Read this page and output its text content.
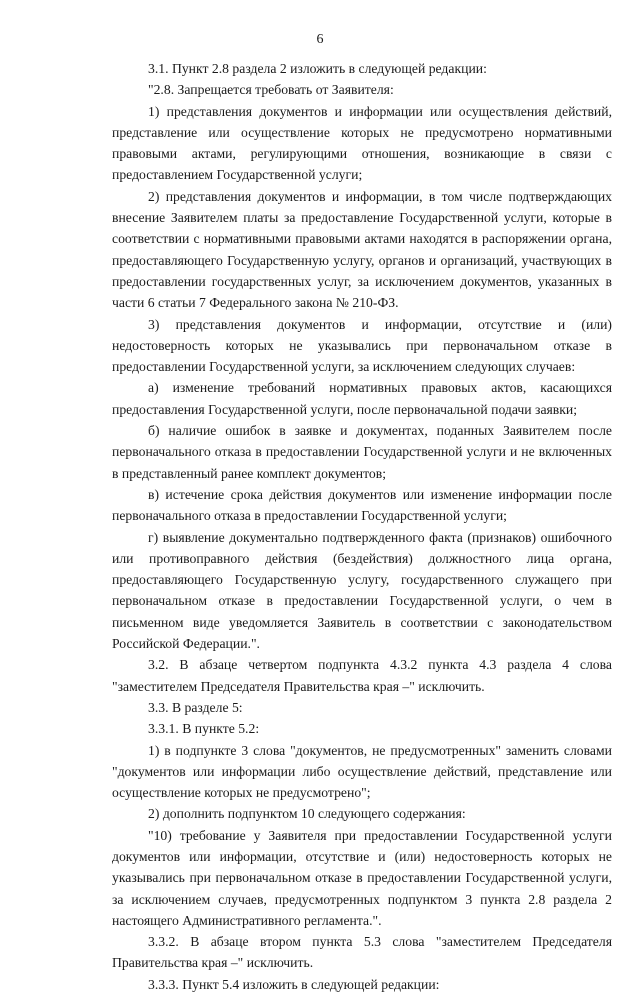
6

3.1. Пункт 2.8 раздела 2 изложить в следующей редакции:

"2.8. Запрещается требовать от Заявителя:

1) представления документов и информации или осуществления действий, представление или осуществление которых не предусмотрено нормативными правовыми актами, регулирующими отношения, возникающие в связи с предоставлением Государственной услуги;

2) представления документов и информации, в том числе подтверждающих внесение Заявителем платы за предоставление Государственной услуги, которые в соответствии с нормативными правовыми актами находятся в распоряжении органа, предоставляющего Государственную услугу, органов и организаций, участвующих в предоставлении государственных услуг, за исключением документов, указанных в части 6 статьи 7 Федерального закона № 210-ФЗ.

3) представления документов и информации, отсутствие и (или) недостоверность которых не указывались при первоначальном отказе в предоставлении Государственной услуги, за исключением следующих случаев:

а) изменение требований нормативных правовых актов, касающихся предоставления Государственной услуги, после первоначальной подачи заявки;

б) наличие ошибок в заявке и документах, поданных Заявителем после первоначального отказа в предоставлении Государственной услуги и не включенных в представленный ранее комплект документов;

в) истечение срока действия документов или изменение информации после первоначального отказа в предоставлении Государственной услуги;

г) выявление документально подтвержденного факта (признаков) ошибочного или противоправного действия (бездействия) должностного лица органа, предоставляющего Государственную услугу, государственного служащего при первоначальном отказе в предоставлении Государственной услуги, о чем в письменном виде уведомляется Заявитель в соответствии с законодательством Российской Федерации.".

3.2. В абзаце четвертом подпункта 4.3.2 пункта 4.3 раздела 4 слова "заместителем Председателя Правительства края –" исключить.

3.3. В разделе 5:

3.3.1. В пункте 5.2:

1) в подпункте 3 слова "документов, не предусмотренных" заменить словами "документов или информации либо осуществление действий, представление или осуществление которых не предусмотрено";

2) дополнить подпунктом 10 следующего содержания:

"10) требование у Заявителя при предоставлении Государственной услуги документов или информации, отсутствие и (или) недостоверность которых не указывались при первоначальном отказе в предоставлении Государственной услуги, за исключением случаев, предусмотренных подпунктом 3 пункта 2.8 раздела 2 настоящего Административного регламента.".

3.3.2. В абзаце втором пункта 5.3 слова "заместителем Председателя Правительства края –" исключить.

3.3.3. Пункт 5.4 изложить в следующей редакции:
